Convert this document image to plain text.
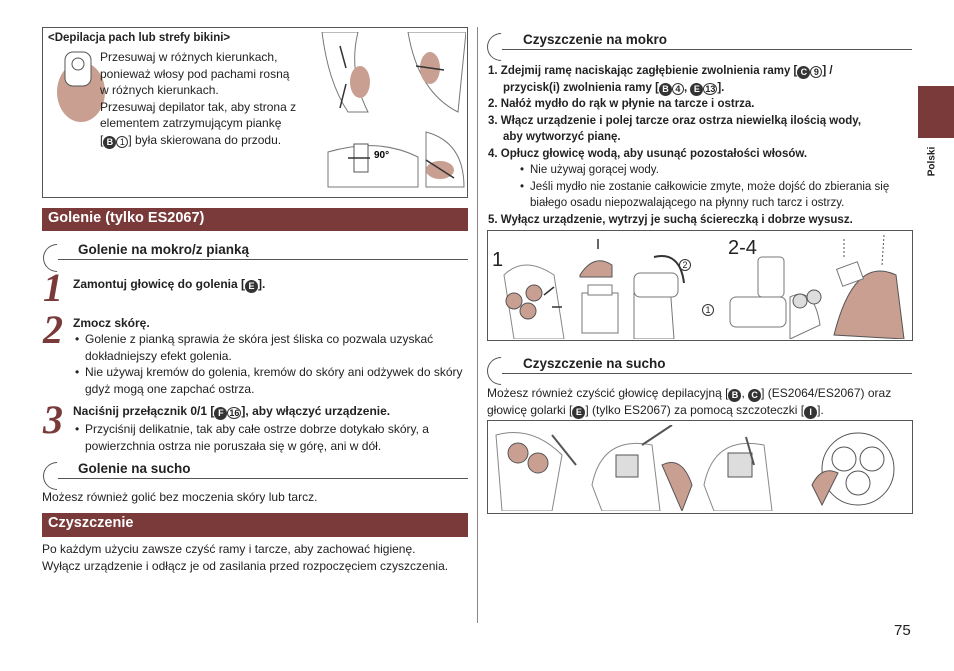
<Depilacja pach lub strefy bikini>
Przesuwaj w różnych kierunkach,
ponieważ włosy pod pachami rosną
w różnych kierunkach.
Przesuwaj depilator tak, aby strona z
elementem zatrzymującym piankę
[ B 1 ] była skierowana do przodu.
90°
Golenie (tylko ES2067)
Golenie na mokro/z pianką
1 Zamontuj głowicę do golenia [ E ].
2 Zmocz skórę.
• Golenie z pianką sprawia że skóra jest śliska co pozwala uzyskać dokładniejszy efekt golenia.
• Nie używaj kremów do golenia, kremów do skóry ani odżywek do skóry gdyż mogą one zapchać ostrza.
3 Naciśnij przełącznik 0/1 [ F 16 ], aby włączyć urządzenie.
• Przyciśnij delikatnie, tak aby całe ostrze dobrze dotykało skóry, a powierzchnia ostrza nie poruszała się w górę, ani w dół.
Golenie na sucho
Możesz również golić bez moczenia skóry lub tarcz.
Czyszczenie
Po każdym użyciu zawsze czyść ramy i tarcze, aby zachować higienę.
Wyłącz urządzenie i odłącz je od zasilania przed rozpoczęciem czyszczenia.
Czyszczenie na mokro
1. Zdejmij ramę naciskając zagłębienie zwolnienia ramy [ C 9 ] /
przycisk(i) zwolnienia ramy [ B 4 , E 13 ].
2. Nałóż mydło do rąk w płynie na tarcze i ostrza.
3. Włącz urządzenie i polej tarcze oraz ostrza niewielką ilością wody,
aby wytworzyć pianę.
4. Opłucz głowicę wodą, aby usunąć pozostałości włosów.
• Nie używaj gorącej wody.
• Jeśli mydło nie zostanie całkowicie zmyte, może dojść do zbierania się białego osadu niepozwalającego na płynny ruch tarcz i ostrzy.
5. Wyłącz urządzenie, wytrzyj je suchą ściereczką i dobrze wysusz.
1
2-4
2
1
Czyszczenie na sucho
Możesz również czyścić głowicę depilacyjną [ B , C ] (ES2064/ES2067) oraz
głowicę golarki [ E ] (tylko ES2067) za pomocą szczoteczki [ I ].
Polski
75
